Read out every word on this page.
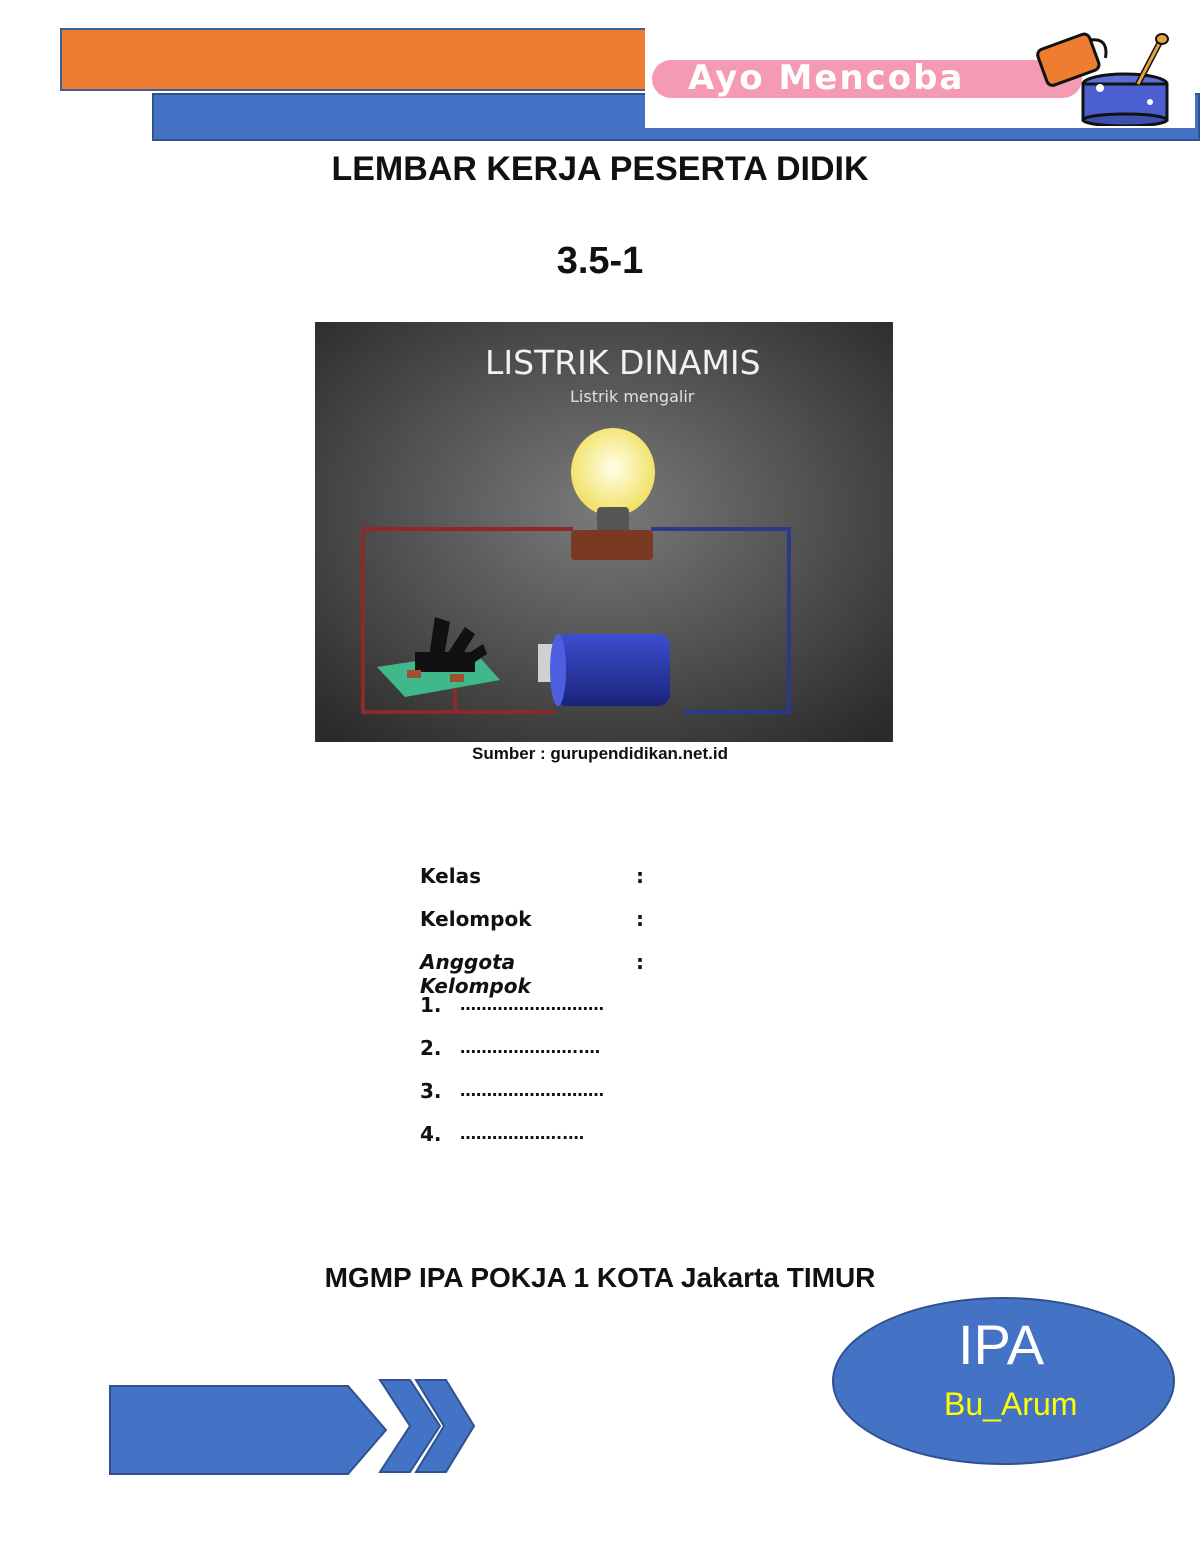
Ayo Mencoba
LEMBAR KERJA PESERTA DIDIK
3.5-1
LISTRIK DINAMIS
Listrik mengalir
Sumber : gurupendidikan.net.id
Kelas	:
Kelompok	:
Anggota Kelompok
:
1. ………………………
2. …………………..…
3. ………………………
4. ………………..…
MGMP IPA POKJA 1 KOTA Jakarta TIMUR
IPA
Bu_Arum
